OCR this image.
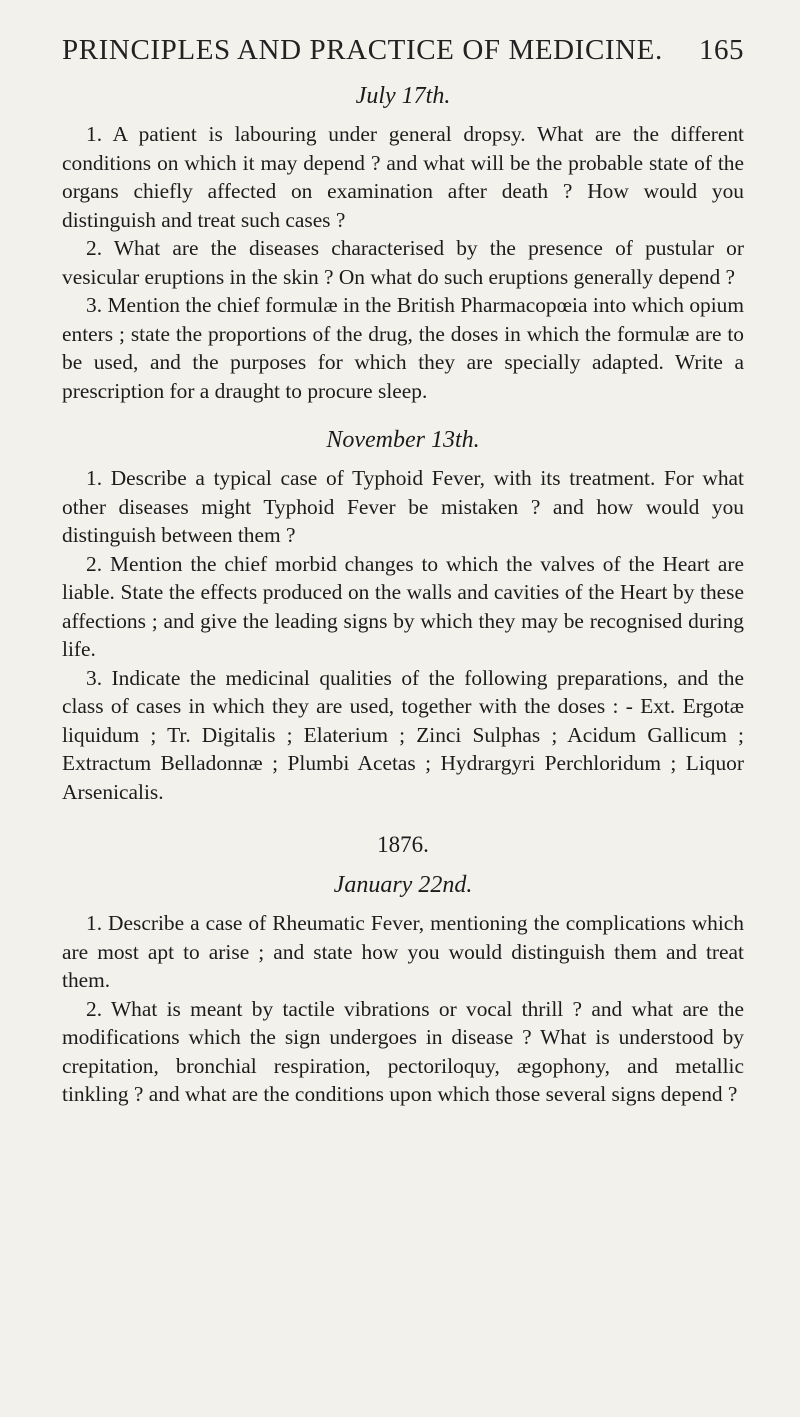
PRINCIPLES AND PRACTICE OF MEDICINE. 165
July 17th.

1. A patient is labouring under general dropsy. What are the different conditions on which it may depend ? and what will be the probable state of the organs chiefly affected on examination after death ? How would you distinguish and treat such cases ?

2. What are the diseases characterised by the presence of pustular or vesicular eruptions in the skin ? On what do such eruptions generally depend ?

3. Mention the chief formulæ in the British Pharmacopœia into which opium enters ; state the proportions of the drug, the doses in which the formulæ are to be used, and the purposes for which they are specially adapted. Write a prescription for a draught to procure sleep.

November 13th.

1. Describe a typical case of Typhoid Fever, with its treatment. For what other diseases might Typhoid Fever be mistaken ? and how would you distinguish between them ?

2. Mention the chief morbid changes to which the valves of the Heart are liable. State the effects produced on the walls and cavities of the Heart by these affections ; and give the leading signs by which they may be recognised during life.

3. Indicate the medicinal qualities of the following preparations, and the class of cases in which they are used, together with the doses : - Ext. Ergotæ liquidum ; Tr. Digitalis ; Elaterium ; Zinci Sulphas ; Acidum Gallicum ; Extractum Belladonnæ ; Plumbi Acetas ; Hydrargyri Perchloridum ; Liquor Arsenicalis.

1876.
January 22nd.

1. Describe a case of Rheumatic Fever, mentioning the complications which are most apt to arise ; and state how you would distinguish them and treat them.

2. What is meant by tactile vibrations or vocal thrill ? and what are the modifications which the sign undergoes in disease ? What is understood by crepitation, bronchial respiration, pectoriloquy, ægophony, and metallic tinkling ? and what are the conditions upon which those several signs depend ?
